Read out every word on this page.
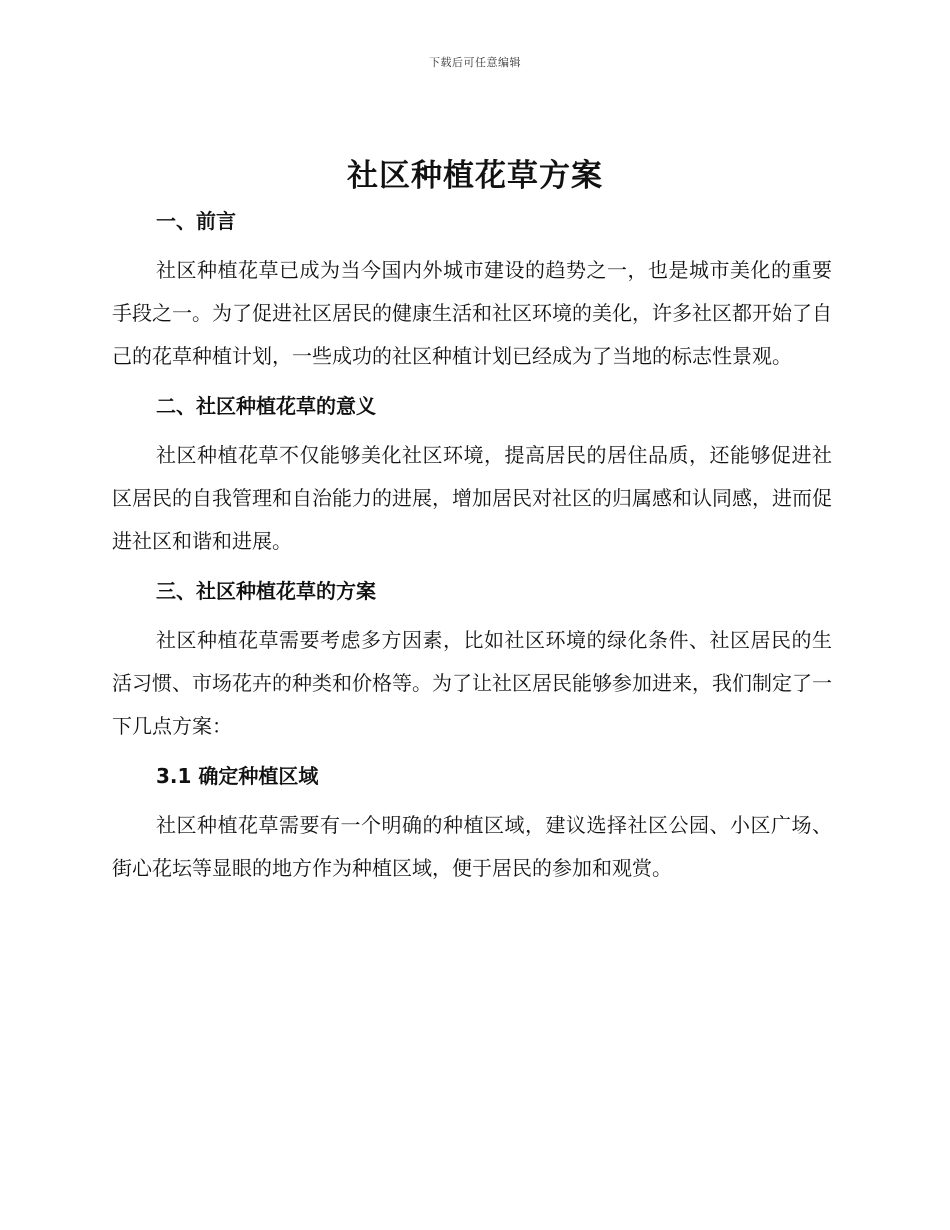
下载后可任意编辑
社区种植花草方案
一、前言

社区种植花草已成为当今国内外城市建设的趋势之一，也是城市美化的重要手段之一。为了促进社区居民的健康生活和社区环境的美化，许多社区都开始了自己的花草种植计划，一些成功的社区种植计划已经成为了当地的标志性景观。

二、社区种植花草的意义

社区种植花草不仅能够美化社区环境，提高居民的居住品质，还能够促进社区居民的自我管理和自治能力的进展，增加居民对社区的归属感和认同感，进而促进社区和谐和进展。

三、社区种植花草的方案

社区种植花草需要考虑多方因素，比如社区环境的绿化条件、社区居民的生活习惯、市场花卉的种类和价格等。为了让社区居民能够参加进来，我们制定了一下几点方案：

3.1 确定种植区域

社区种植花草需要有一个明确的种植区域，建议选择社区公园、小区广场、街心花坛等显眼的地方作为种植区域，便于居民的参加和观赏。
